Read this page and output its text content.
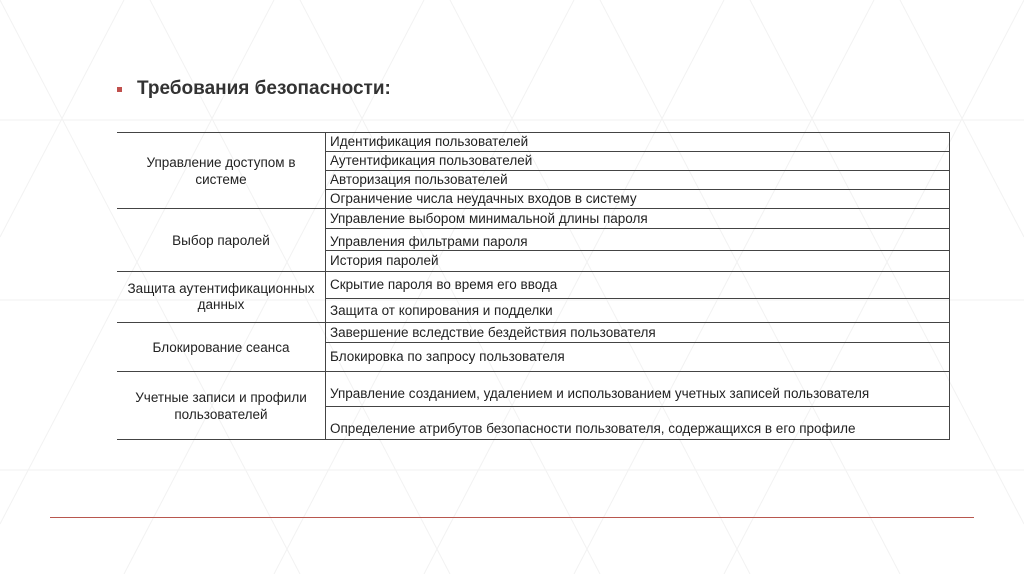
Требования безопасности:
Управление доступом в системе	Идентификация пользователей
	Аутентификация пользователей
	Авторизация пользователей
	Ограничение числа неудачных входов в систему
Выбор паролей	Управление выбором минимальной длины пароля
	Управления фильтрами пароля
	История паролей
Защита аутентификационных данных	Скрытие пароля во время его ввода
	Защита от копирования и подделки
Блокирование сеанса	Завершение вследствие бездействия пользователя
	Блокировка по запросу пользователя
Учетные записи и профили пользователей	Управление созданием, удалением и использованием учетных записей пользователя
	Определение атрибутов безопасности пользователя, содержащихся в его профиле
